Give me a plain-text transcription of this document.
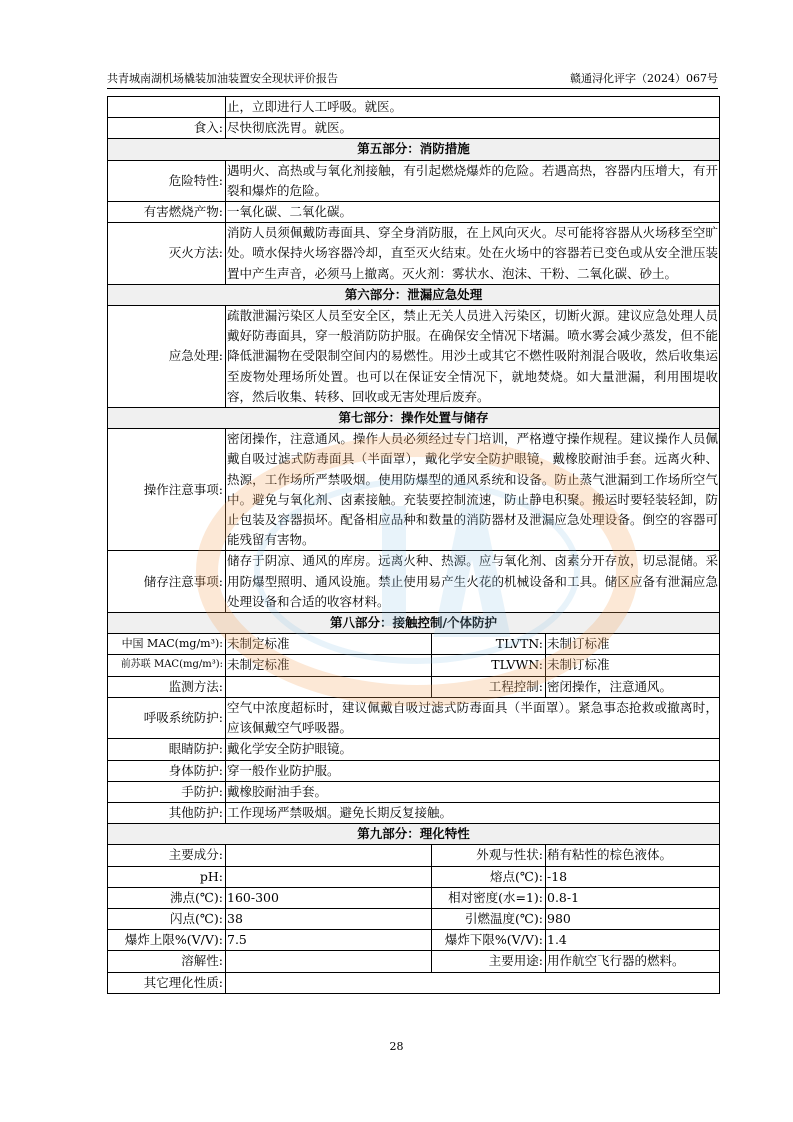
共青城南湖机场橇装加油装置安全现状评价报告	赣通浔化评字（2024）067号
	止，立即进行人工呼吸。就医。		
食入:	尽快彻底洗胃。就医。		
第五部分：消防措施			
危险特性:	遇明火、高热或与氧化剂接触，有引起燃烧爆炸的危险。若遇高热，容器内压增大，有开裂和爆炸的危险。		
有害燃烧产物:	一氧化碳、二氧化碳。		
灭火方法:	消防人员须佩戴防毒面具、穿全身消防服，在上风向灭火。尽可能将容器从火场移至空旷处。喷水保持火场容器冷却，直至灭火结束。处在火场中的容器若已变色或从安全泄压装置中产生声音，必须马上撤离。灭火剂：雾状水、泡沫、干粉、二氧化碳、砂土。		
第六部分：泄漏应急处理			
应急处理:	疏散泄漏污染区人员至安全区，禁止无关人员进入污染区，切断火源。建议应急处理人员戴好防毒面具，穿一般消防防护服。在确保安全情况下堵漏。喷水雾会减少蒸发，但不能降低泄漏物在受限制空间内的易燃性。用沙土或其它不燃性吸附剂混合吸收，然后收集运至废物处理场所处置。也可以在保证安全情况下，就地焚烧。如大量泄漏，利用围堤收容，然后收集、转移、回收或无害处理后废弃。		
第七部分：操作处置与储存			
操作注意事项:	密闭操作，注意通风。操作人员必须经过专门培训，严格遵守操作规程。建议操作人员佩戴自吸过滤式防毒面具（半面罩），戴化学安全防护眼镜，戴橡胶耐油手套。远离火种、热源，工作场所严禁吸烟。使用防爆型的通风系统和设备。防止蒸气泄漏到工作场所空气中。避免与氧化剂、卤素接触。充装要控制流速，防止静电积聚。搬运时要轻装轻卸，防止包装及容器损坏。配备相应品种和数量的消防器材及泄漏应急处理设备。倒空的容器可能残留有害物。		
储存注意事项:	储存于阴凉、通风的库房。远离火种、热源。应与氧化剂、卤素分开存放，切忌混储。采用防爆型照明、通风设施。禁止使用易产生火花的机械设备和工具。储区应备有泄漏应急处理设备和合适的收容材料。		
第八部分：接触控制/个体防护			
中国 MAC(mg/m³):	未制定标准	TLVTN:	未制订标准
前苏联 MAC(mg/m³):	未制定标准	TLVWN:	未制订标准
监测方法:		工程控制:	密闭操作，注意通风。
呼吸系统防护:	空气中浓度超标时，建议佩戴自吸过滤式防毒面具（半面罩）。紧急事态抢救或撤离时，应该佩戴空气呼吸器。		
眼睛防护:	戴化学安全防护眼镜。		
身体防护:	穿一般作业防护服。		
手防护:	戴橡胶耐油手套。		
其他防护:	工作现场严禁吸烟。避免长期反复接触。		
第九部分：理化特性			
主要成分:		外观与性状:	稍有粘性的棕色液体。
pH:		熔点(℃):	-18
沸点(℃):	160-300	相对密度(水=1):	0.8-1
闪点(℃):	38	引燃温度(℃):	980
爆炸上限%(V/V):	7.5	爆炸下限%(V/V):	1.4
溶解性:		主要用途:	用作航空飞行器的燃料。
其它理化性质:			
28
